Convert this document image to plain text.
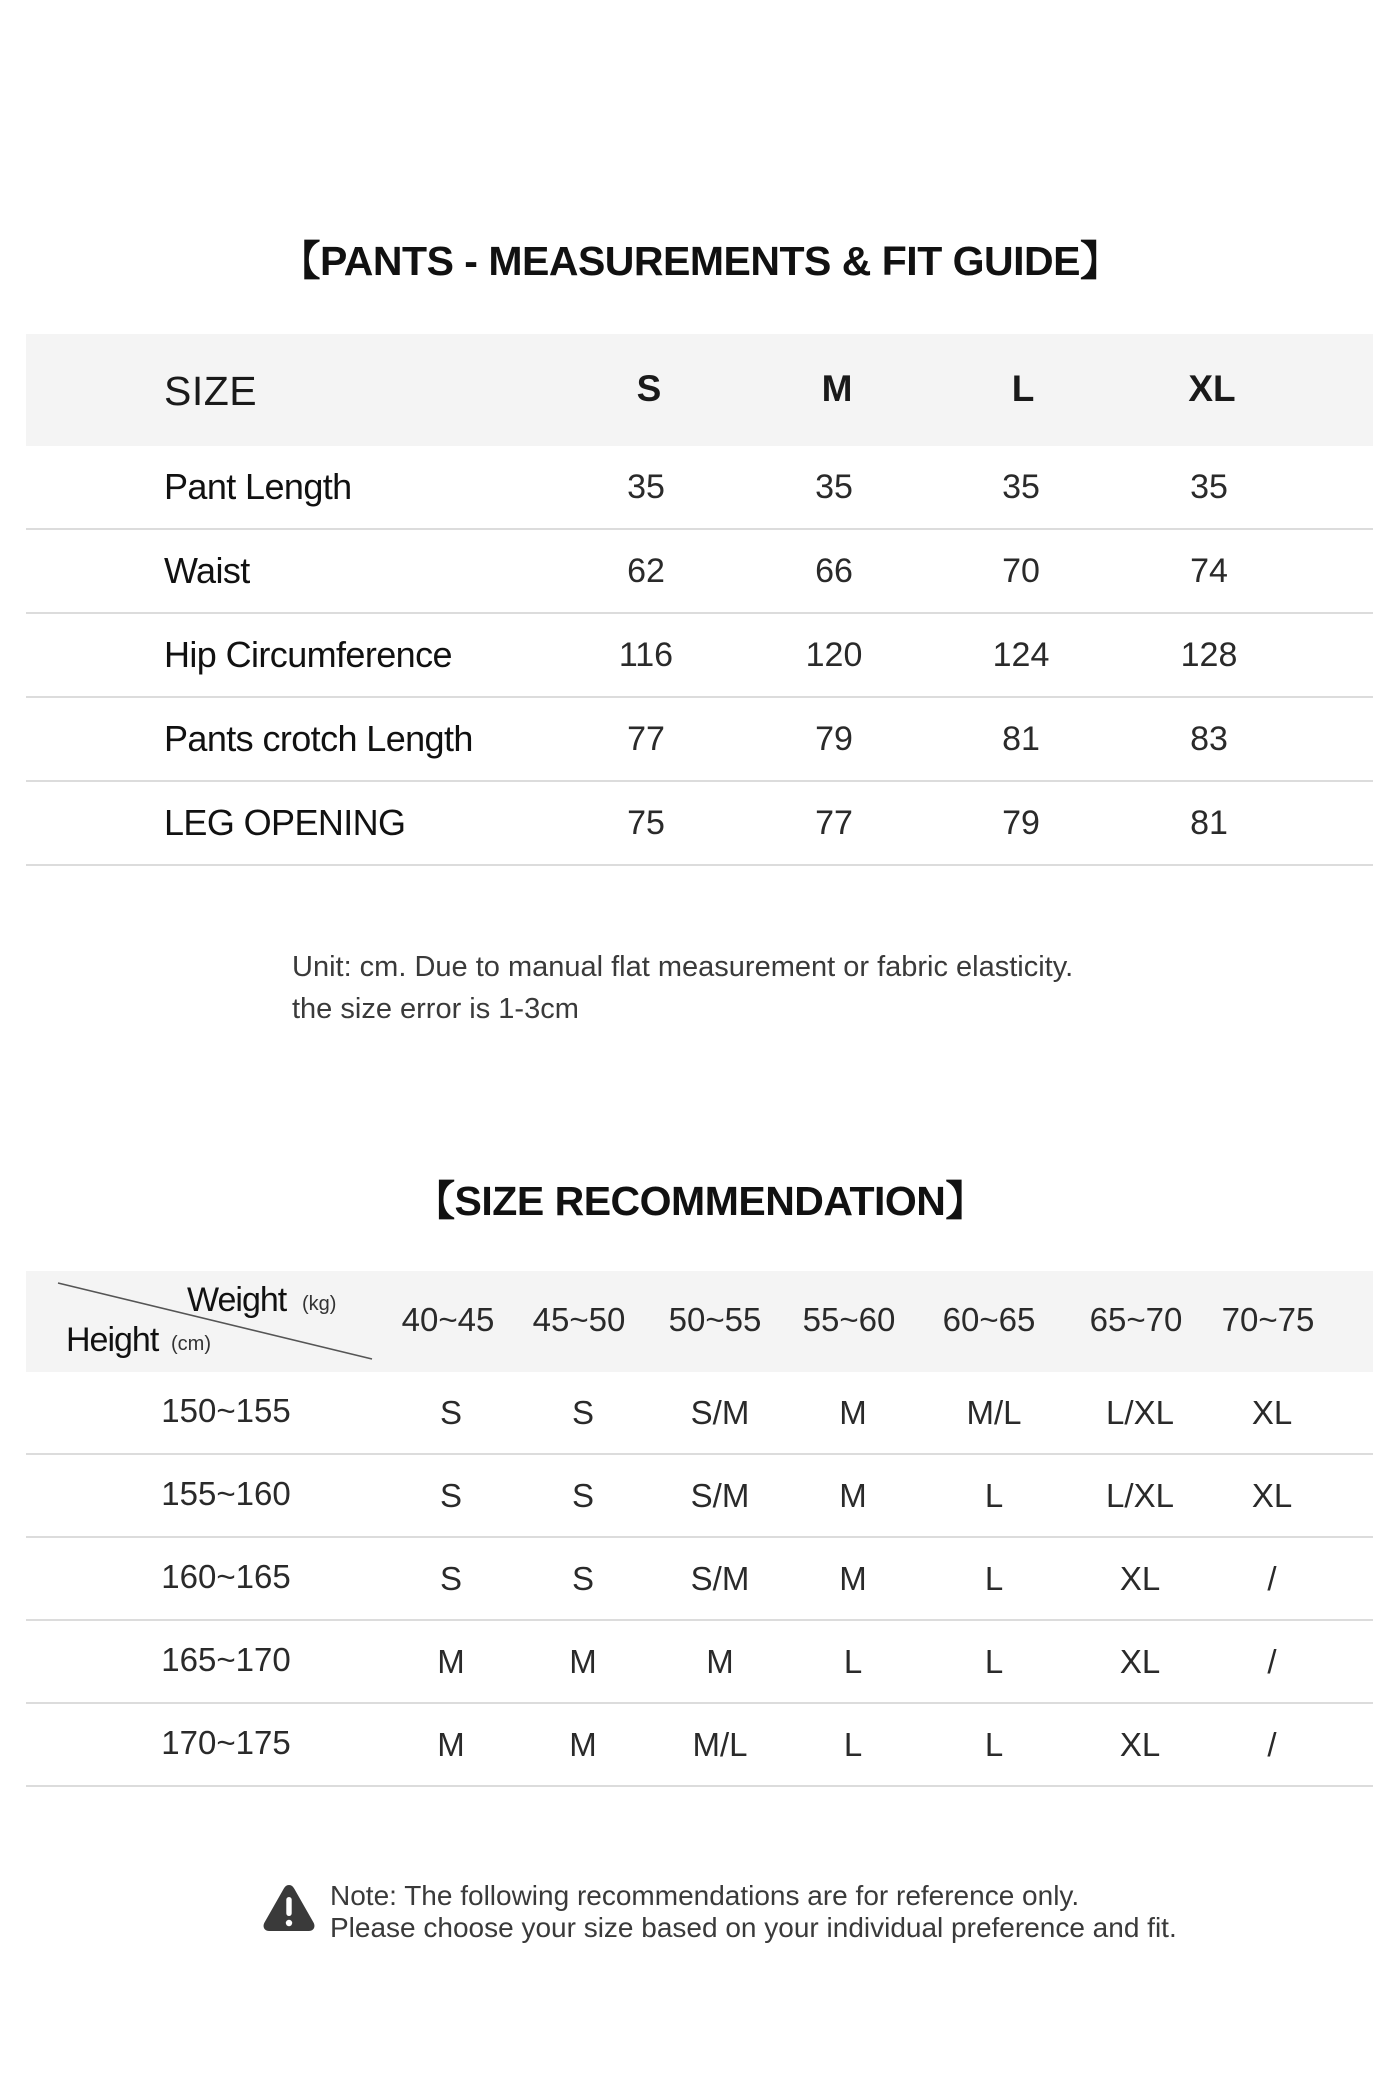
【PANTS - MEASUREMENTS & FIT GUIDE】
SIZE	S	M	L	XL
Pant Length	35	35	35	35
Waist	62	66	70	74
Hip Circumference	116	120	124	128
Pants crotch Length	77	79	81	83
LEG OPENING	75	77	79	81
Unit: cm. Due to manual flat measurement or fabric elasticity.
the size error is 1-3cm
【SIZE RECOMMENDATION】
Weight (kg)
Height (cm)
40~45	45~50	50~55	55~60	60~65	65~70	70~75
150~155	S	S	S/M	M	M/L	L/XL	XL
155~160	S	S	S/M	M	L	L/XL	XL
160~165	S	S	S/M	M	L	XL	/
165~170	M	M	M	L	L	XL	/
170~175	M	M	M/L	L	L	XL	/
Note: The following recommendations are for reference only.
Please choose your size based on your individual preference and fit.
